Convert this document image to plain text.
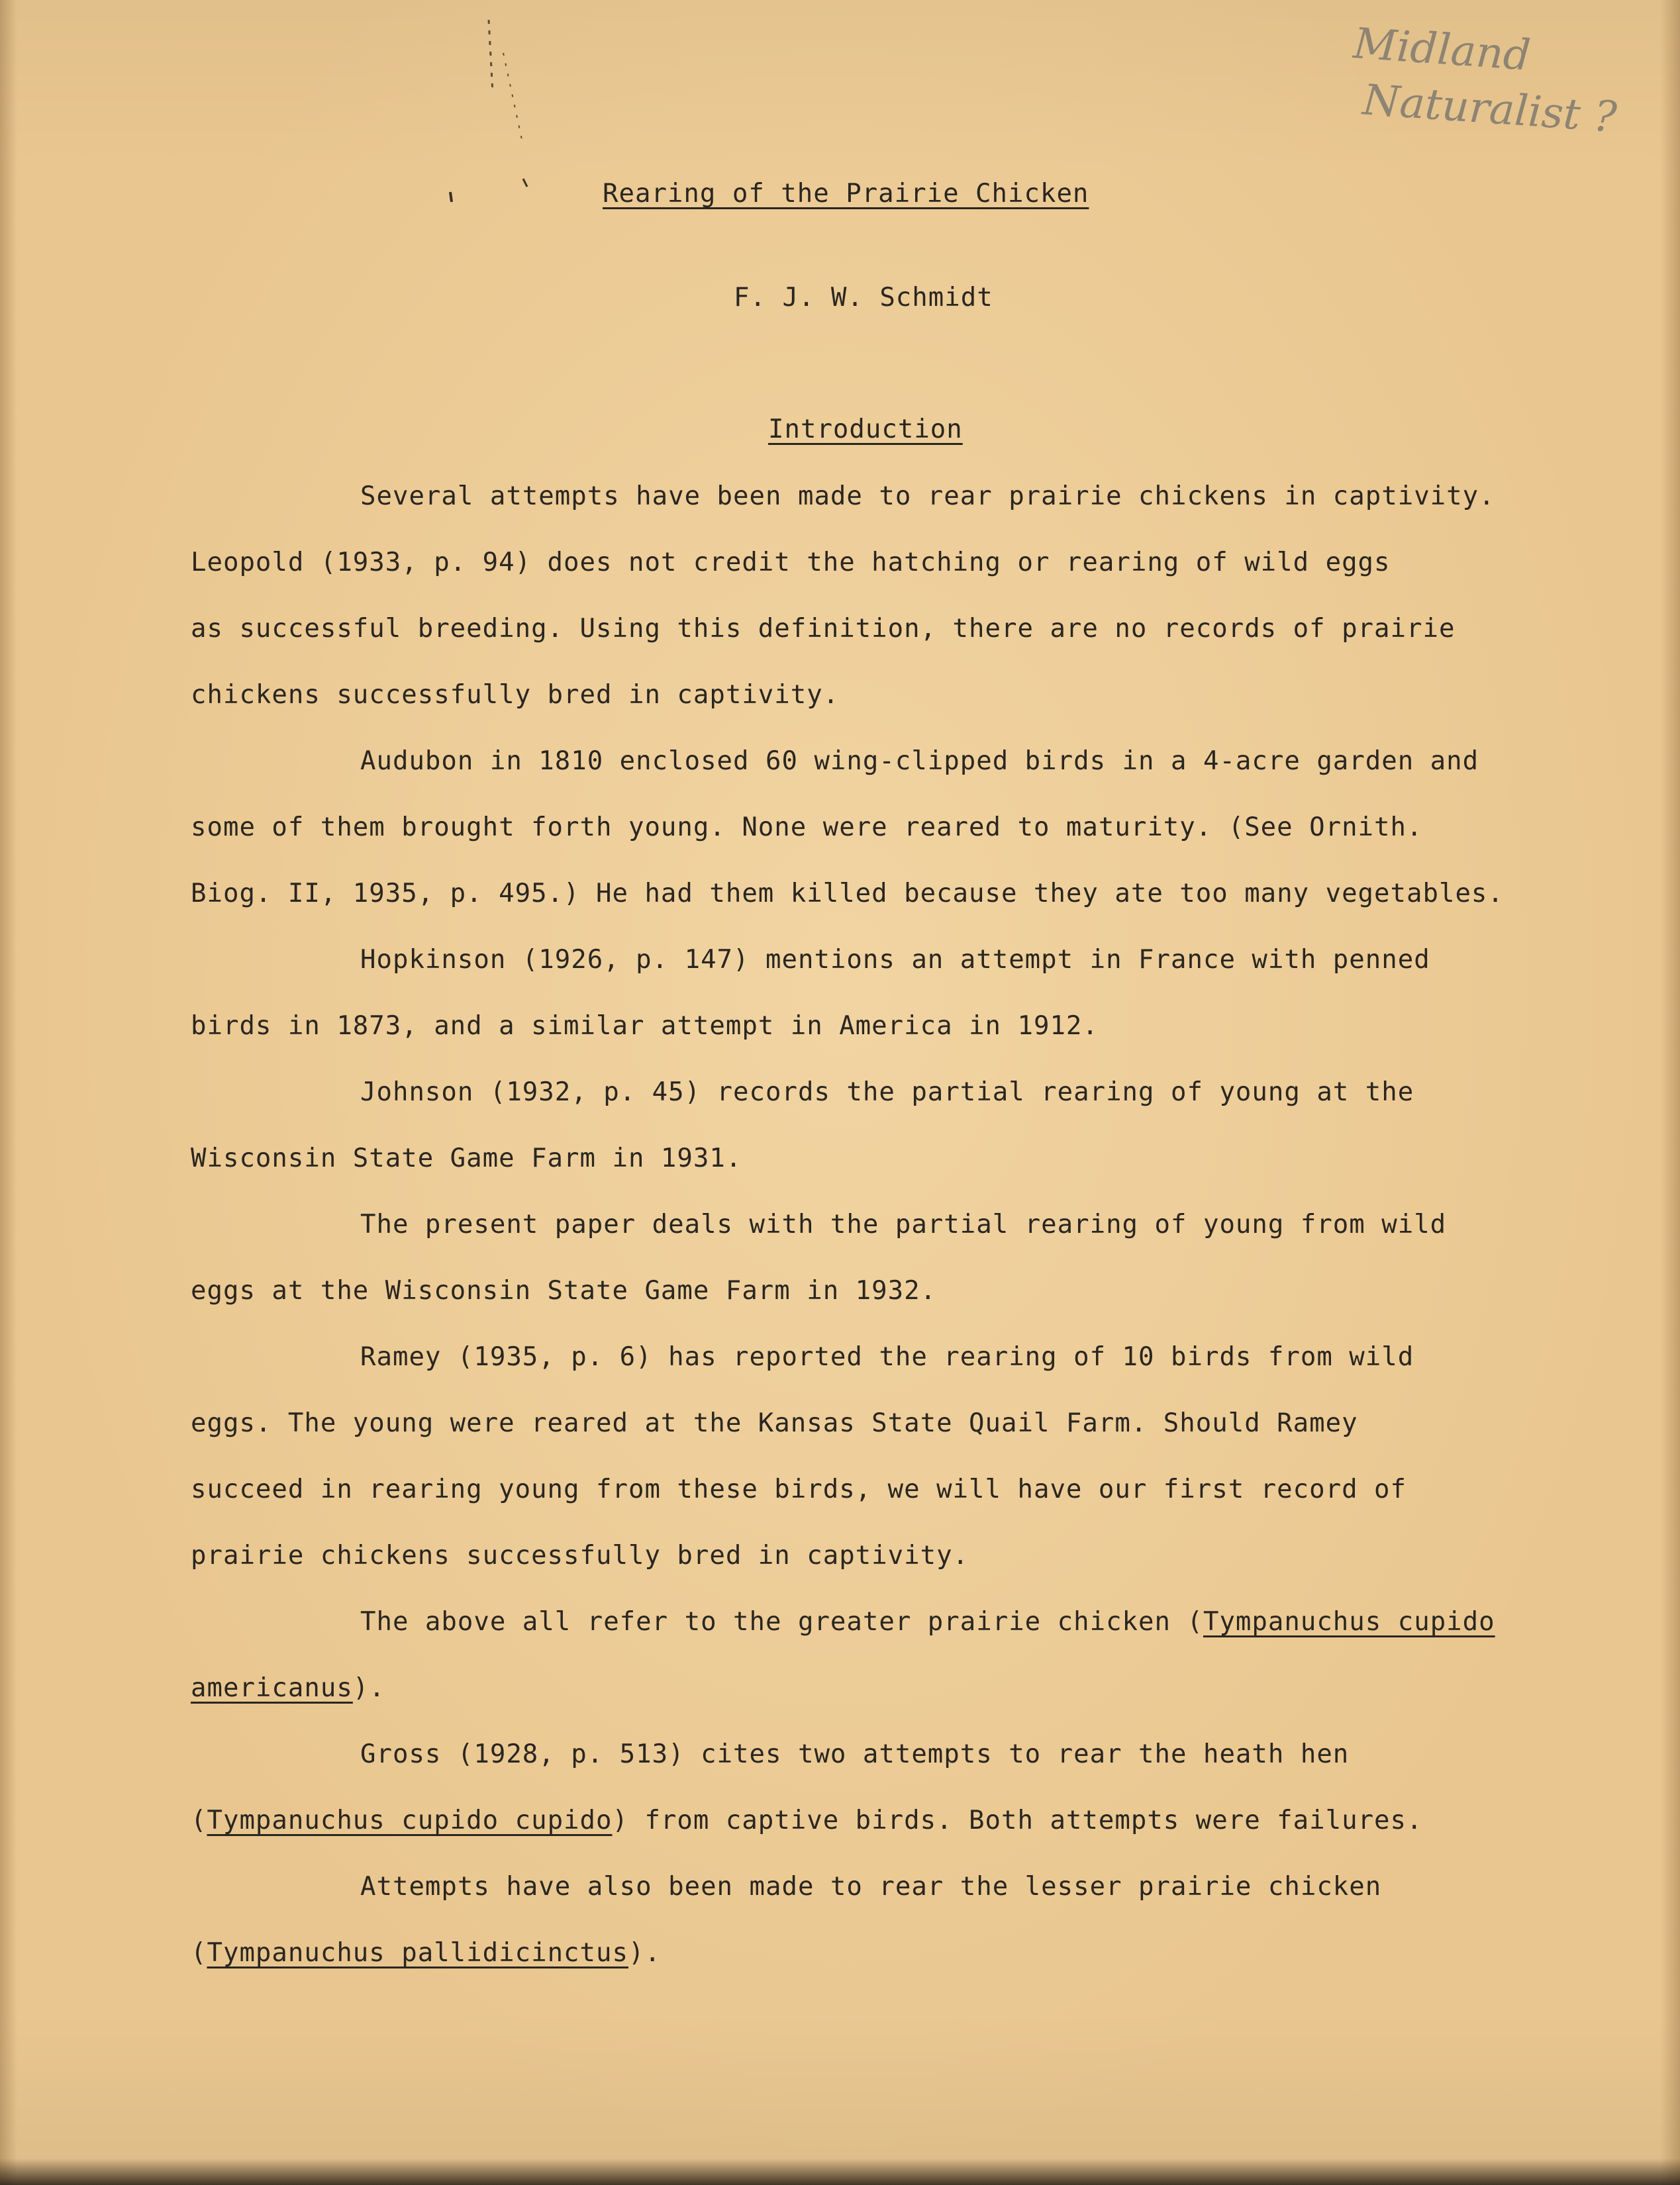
Midland
Naturalist ?
Rearing of the Prairie Chicken
F. J. W. Schmidt
Introduction
Several attempts have been made to rear prairie chickens in captivity.
Leopold (1933, p. 94) does not credit the hatching or rearing of wild eggs
as successful breeding. Using this definition, there are no records of prairie
chickens successfully bred in captivity.
Audubon in 1810 enclosed 60 wing-clipped birds in a 4-acre garden and
some of them brought forth young. None were reared to maturity. (See Ornith.
Biog. II, 1935, p. 495.) He had them killed because they ate too many vegetables.
Hopkinson (1926, p. 147) mentions an attempt in France with penned
birds in 1873, and a similar attempt in America in 1912.
Johnson (1932, p. 45) records the partial rearing of young at the
Wisconsin State Game Farm in 1931.
The present paper deals with the partial rearing of young from wild
eggs at the Wisconsin State Game Farm in 1932.
Ramey (1935, p. 6) has reported the rearing of 10 birds from wild
eggs. The young were reared at the Kansas State Quail Farm. Should Ramey
succeed in rearing young from these birds, we will have our first record of
prairie chickens successfully bred in captivity.
The above all refer to the greater prairie chicken (Tympanuchus cupido
americanus).
Gross (1928, p. 513) cites two attempts to rear the heath hen
(Tympanuchus cupido cupido) from captive birds. Both attempts were failures.
Attempts have also been made to rear the lesser prairie chicken
(Tympanuchus pallidicinctus).
